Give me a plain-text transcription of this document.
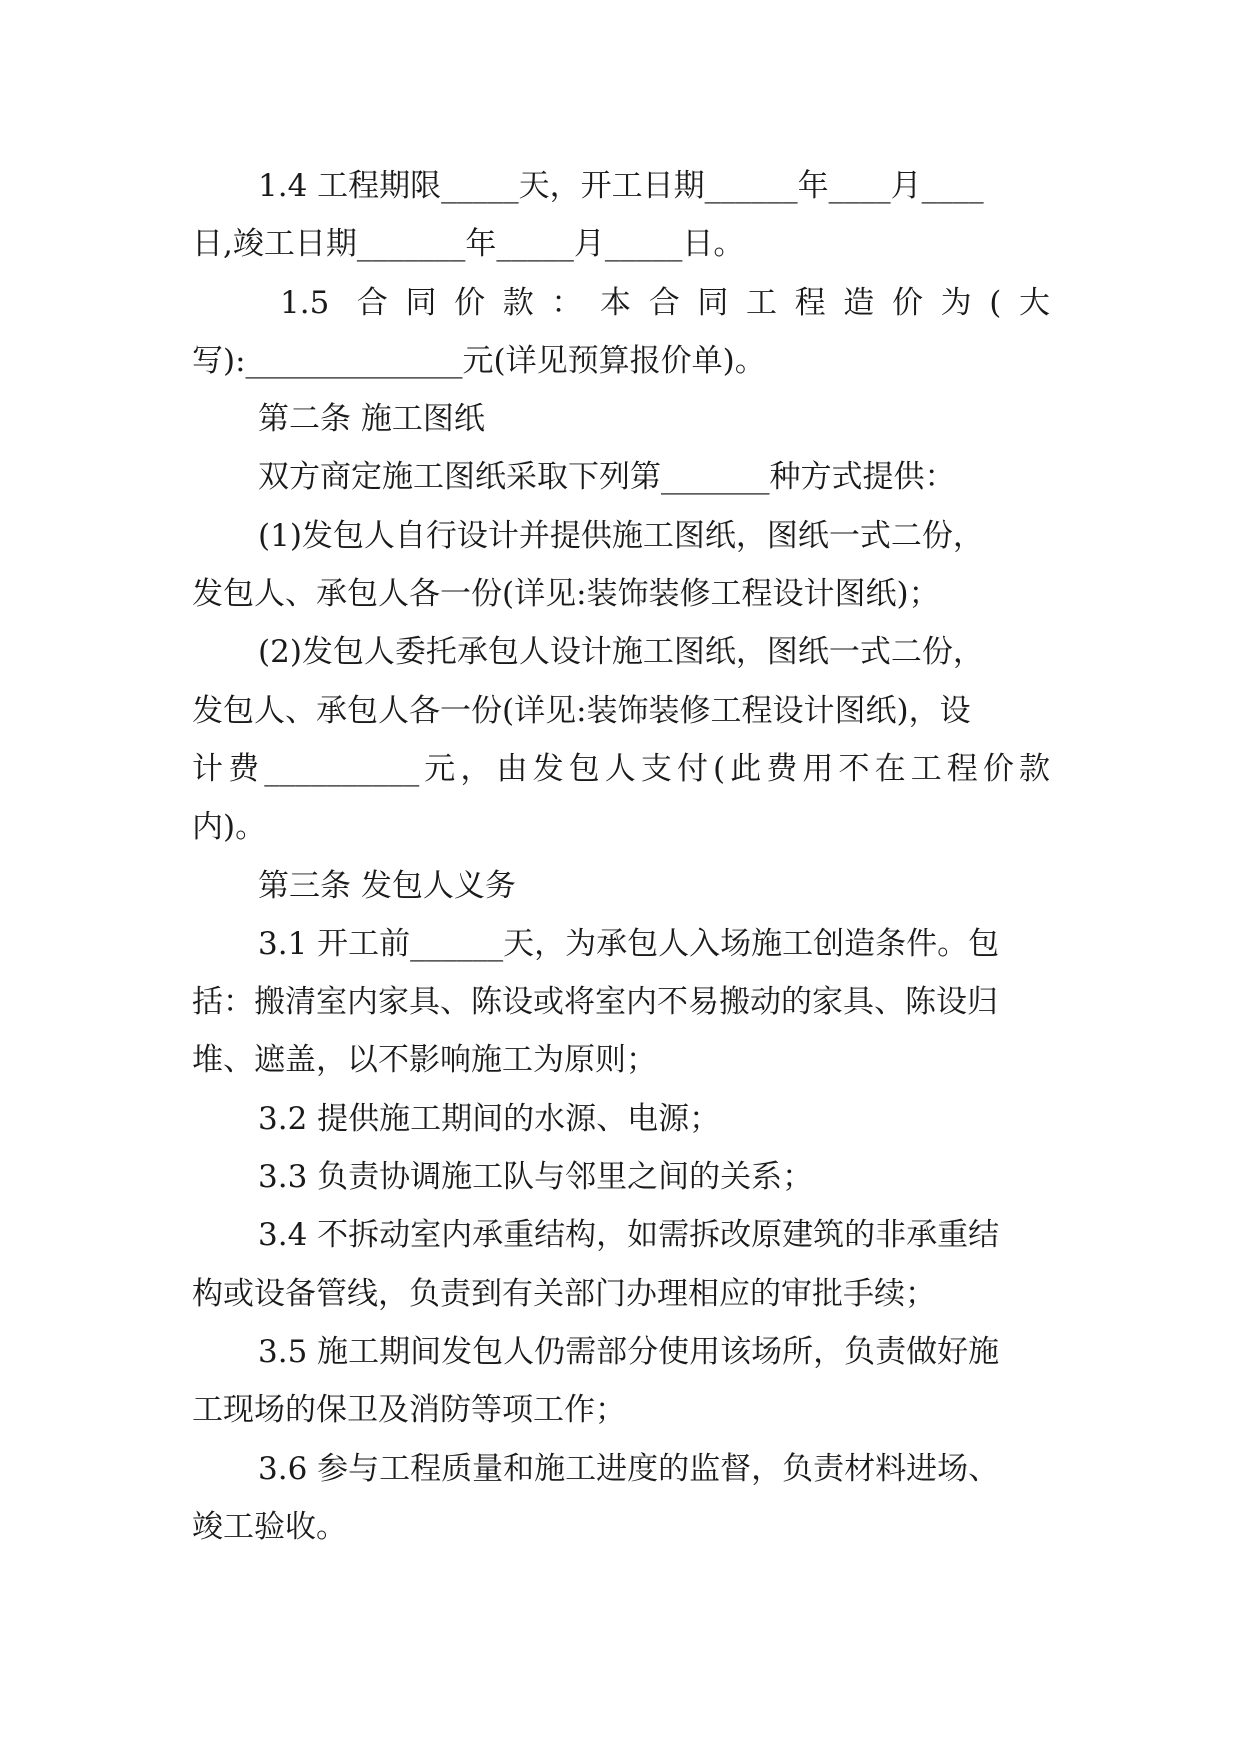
1.4 工程期限_____天，开工日期______年____月____
日,竣工日期_______年_____月_____日。
1.5 合同价款：本合同工程造价为(大
写):______________元(详见预算报价单)。
第二条 施工图纸
双方商定施工图纸采取下列第_______种方式提供：
(1)发包人自行设计并提供施工图纸，图纸一式二份，
发包人、承包人各一份(详见:装饰装修工程设计图纸)；
(2)发包人委托承包人设计施工图纸，图纸一式二份，
发包人、承包人各一份(详见:装饰装修工程设计图纸)，设
计费__________元，由发包人支付(此费用不在工程价款
内)。
第三条 发包人义务
3.1 开工前______天，为承包人入场施工创造条件。包
括：搬清室内家具、陈设或将室内不易搬动的家具、陈设归
堆、遮盖，以不影响施工为原则；
3.2 提供施工期间的水源、电源；
3.3 负责协调施工队与邻里之间的关系；
3.4 不拆动室内承重结构，如需拆改原建筑的非承重结
构或设备管线，负责到有关部门办理相应的审批手续；
3.5 施工期间发包人仍需部分使用该场所，负责做好施
工现场的保卫及消防等项工作；
3.6 参与工程质量和施工进度的监督，负责材料进场、
竣工验收。
